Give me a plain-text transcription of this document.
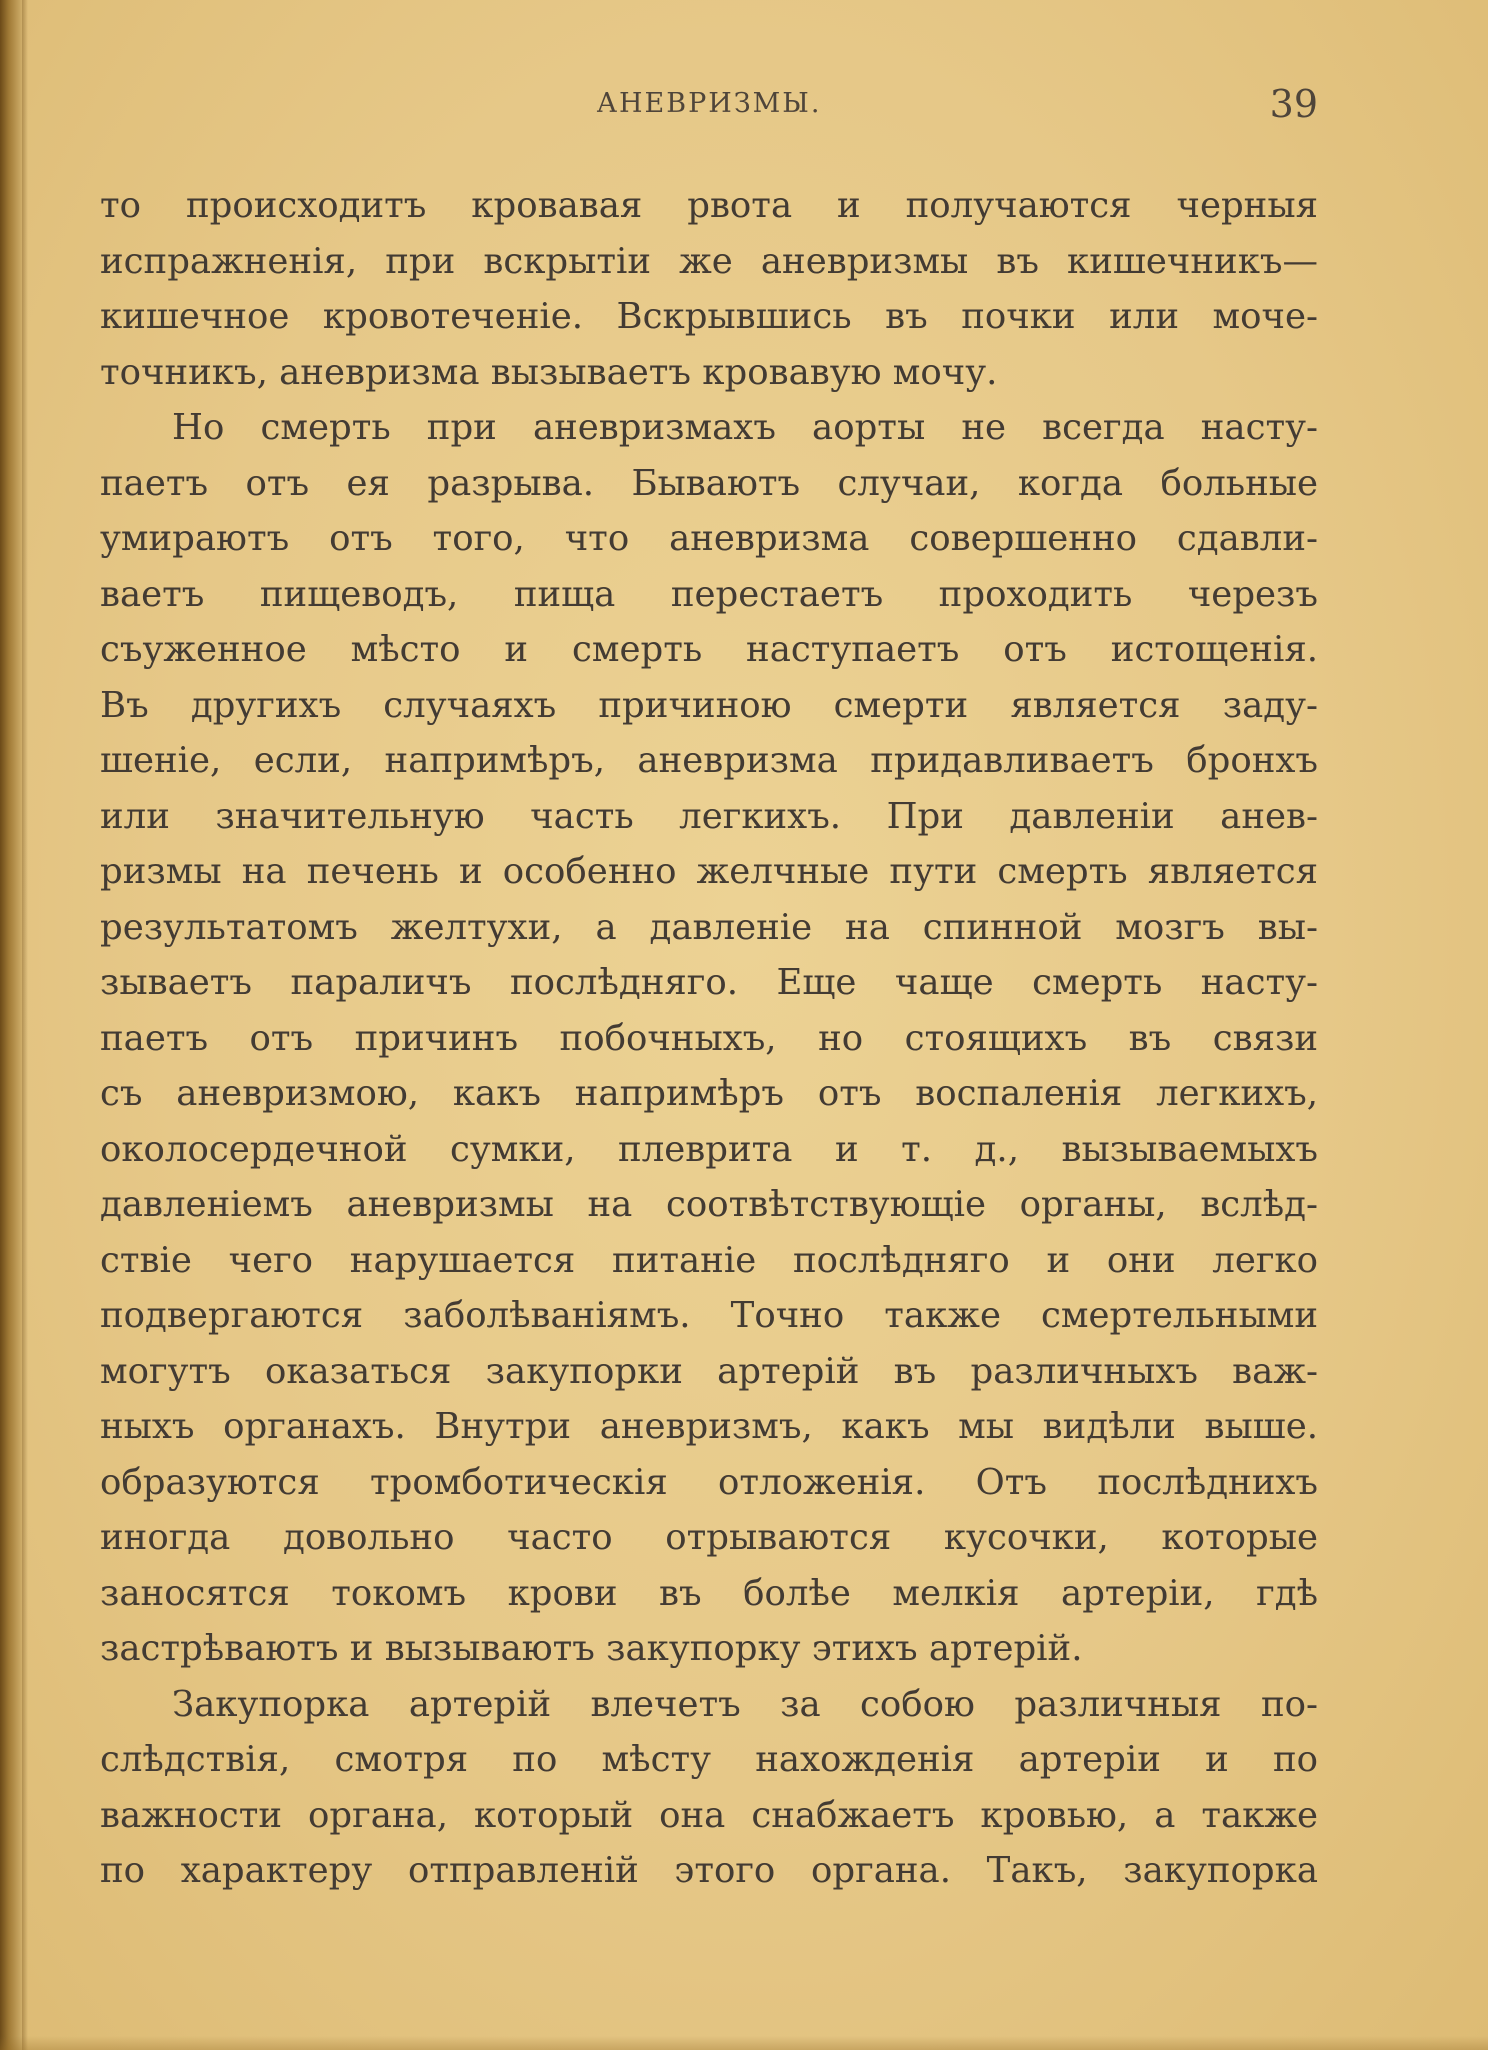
АНЕВРИЗМЫ.	39
то происходитъ кровавая рвота и получаются черныя
испражненія, при вскрытіи же аневризмы въ кишечникъ—
кишечное кровотеченіе. Вскрывшись въ почки или моче-
точникъ, аневризма вызываетъ кровавую мочу.
Но смерть при аневризмахъ аорты не всегда насту-
паетъ отъ ея разрыва. Бываютъ случаи, когда больные
умираютъ отъ того, что аневризма совершенно сдавли-
ваетъ пищеводъ, пища перестаетъ проходить черезъ
съуженное мѣсто и смерть наступаетъ отъ истощенія.
Въ другихъ случаяхъ причиною смерти является заду-
шеніе, если, напримѣръ, аневризма придавливаетъ бронхъ
или значительную часть легкихъ. При давленіи анев-
ризмы на печень и особенно желчные пути смерть является
результатомъ желтухи, а давленіе на спинной мозгъ вы-
зываетъ параличъ послѣдняго. Еще чаще смерть насту-
паетъ отъ причинъ побочныхъ, но стоящихъ въ связи
съ аневризмою, какъ напримѣръ отъ воспаленія легкихъ,
околосердечной сумки, плеврита и т. д., вызываемыхъ
давленіемъ аневризмы на соотвѣтствующіе органы, вслѣд-
ствіе чего нарушается питаніе послѣдняго и они легко
подвергаются заболѣваніямъ. Точно также смертельными
могутъ оказаться закупорки артерій въ различныхъ важ-
ныхъ органахъ. Внутри аневризмъ, какъ мы видѣли выше.
образуются тромботическія отложенія. Отъ послѣднихъ
иногда довольно часто отрываются кусочки, которые
заносятся токомъ крови въ болѣе мелкія артеріи, гдѣ
застрѣваютъ и вызываютъ закупорку этихъ артерій.
Закупорка артерій влечетъ за собою различныя по-
слѣдствія, смотря по мѣсту нахожденія артеріи и по
важности органа, который она снабжаетъ кровью, а также
по характеру отправленій этого органа. Такъ, закупорка
